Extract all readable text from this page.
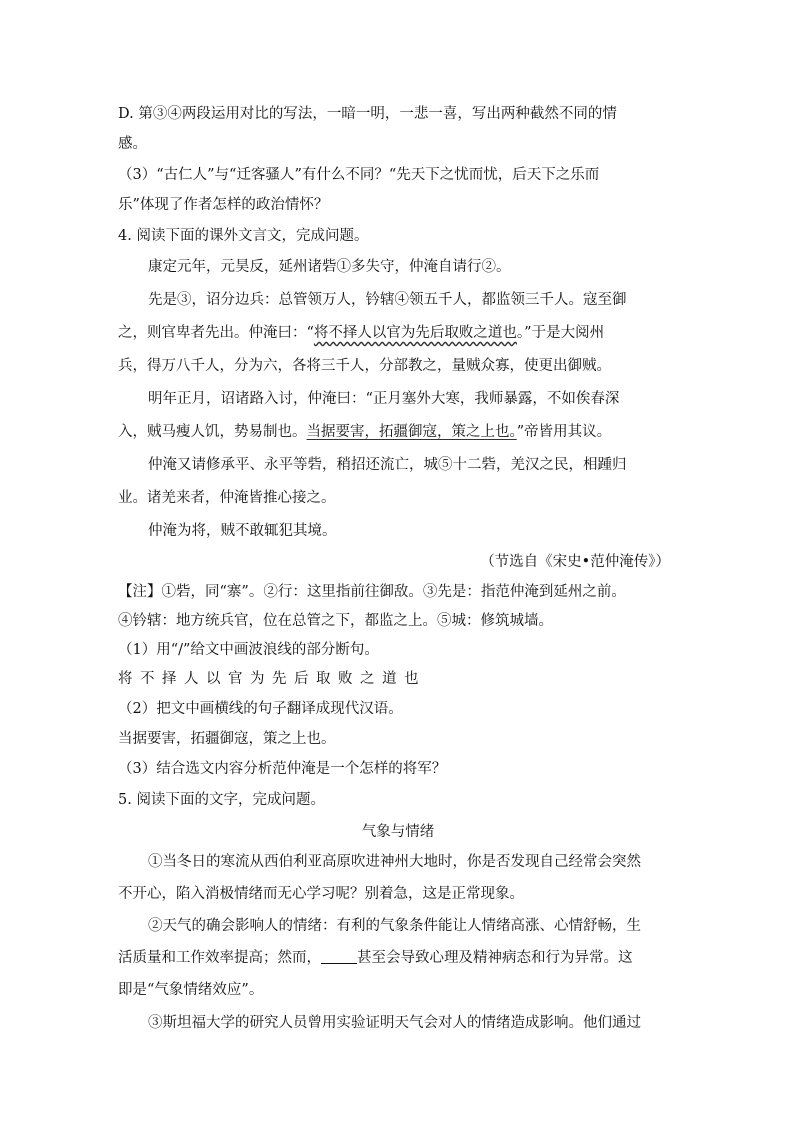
D. 第③④两段运用对比的写法，一暗一明，一悲一喜，写出两种截然不同的情

感。

（3）“古仁人”与“迁客骚人”有什么不同？“先天下之忧而忧，后天下之乐而

乐”体现了作者怎样的政治情怀？

4. 阅读下面的课外文言文，完成问题。

康定元年，元昊反，延州诸砦①多失守，仲淹自请行②。

先是③，诏分边兵：总管领万人，钤辖④领五千人，都监领三千人。寇至御

之，则官卑者先出。仲淹曰：“将不择人以官为先后取败之道也。”于是大阅州

兵，得万八千人，分为六，各将三千人，分部教之，量贼众寡，使更出御贼。

明年正月，诏诸路入讨，仲淹曰：“正月塞外大寒，我师暴露，不如俟春深

入，贼马瘦人饥，势易制也。当据要害，拓疆御寇，策之上也。”帝皆用其议。

仲淹又请修承平、永平等砦，稍招还流亡，城⑤十二砦，羌汉之民，相踵归

业。诸羌来者，仲淹皆推心接之。

仲淹为将，贼不敢辄犯其境。

（节选自《宋史•范仲淹传》）

【注】①砦，同“寨”。②行：这里指前往御敌。③先是：指范仲淹到延州之前。

④钤辖：地方统兵官，位在总管之下，都监之上。⑤城：修筑城墙。

（1）用“/”给文中画波浪线的部分断句。

将不择人以官为先后取败之道也

（2）把文中画横线的句子翻译成现代汉语。

当据要害，拓疆御寇，策之上也。

（3）结合选文内容分析范仲淹是一个怎样的将军？

5. 阅读下面的文字，完成问题。

气象与情绪

①当冬日的寒流从西伯利亚高原吹进神州大地时，你是否发现自己经常会突然

不开心，陷入消极情绪而无心学习呢？别着急，这是正常现象。

②天气的确会影响人的情绪：有利的气象条件能让人情绪高涨、心情舒畅，生

活质量和工作效率提高；然而， 甚至会导致心理及精神病态和行为异常。这

即是“气象情绪效应”。

③斯坦福大学的研究人员曾用实验证明天气会对人的情绪造成影响。他们通过
